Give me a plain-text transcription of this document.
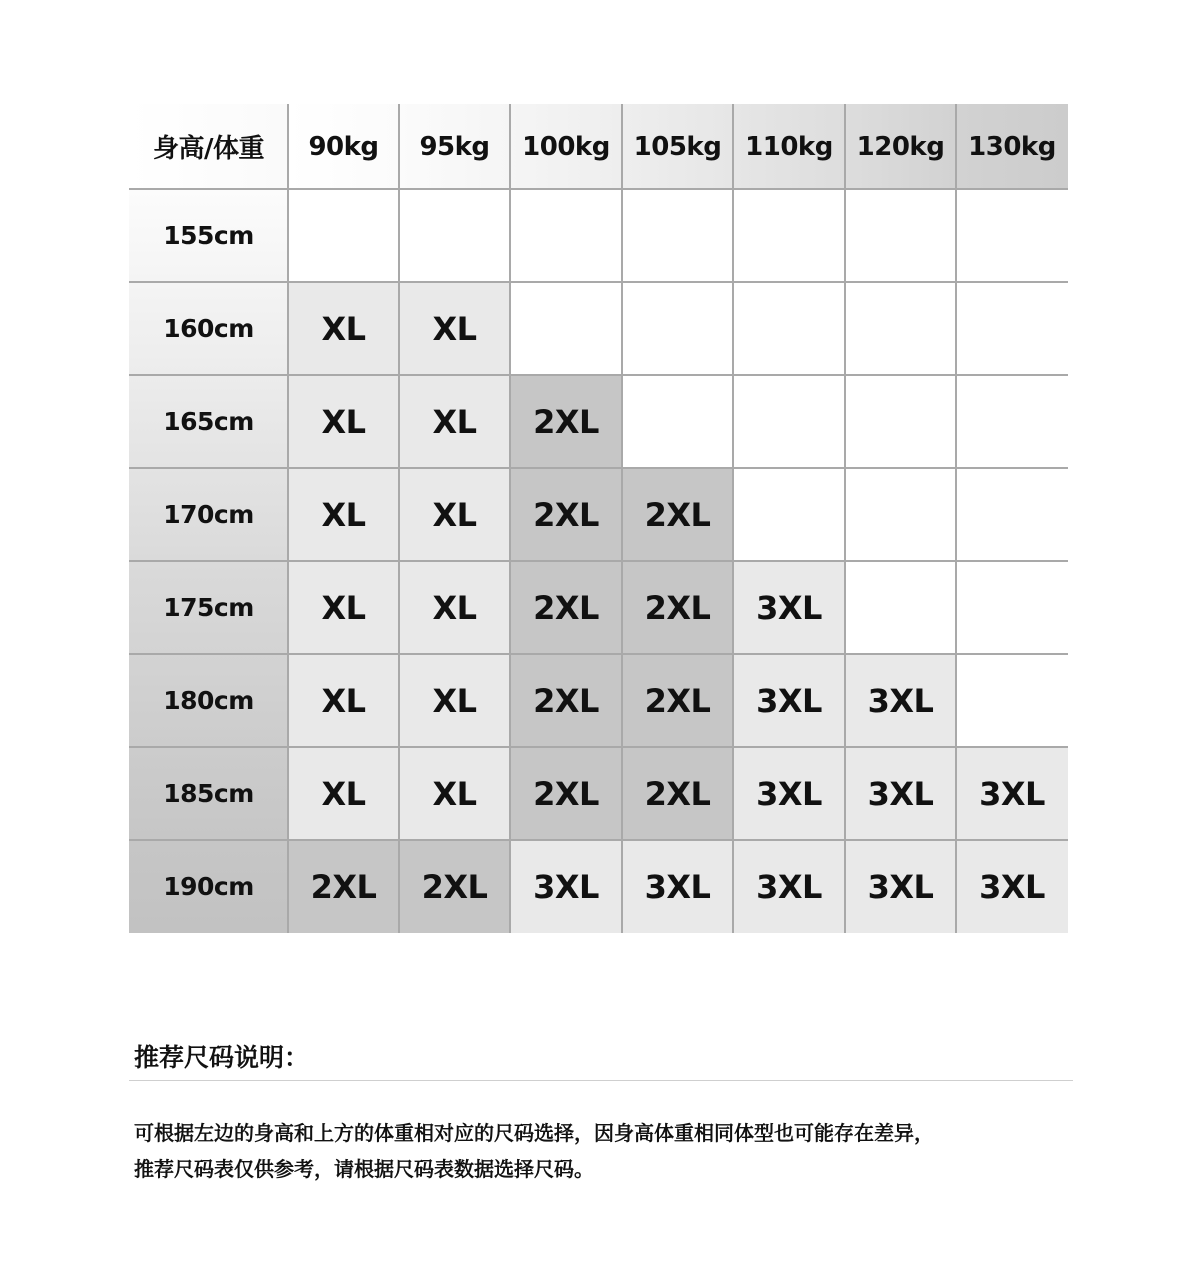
身高/体重	90kg	95kg	100kg 105kg 110kg 120kg 130kg
155cm
160cm	XL	XL
165cm	XL	XL	2XL
170cm	XL	XL	2XL	2XL
175cm	XL	XL	2XL	2XL	3XL
180cm	XL	XL	2XL	2XL	3XL	3XL
185cm	XL	XL	2XL	2XL	3XL	3XL	3XL
190cm	2XL	2XL	3XL	3XL	3XL	3XL	3XL
推荐尺码说明：
可根据左边的身高和上方的体重相对应的尺码选择，因身高体重相同体型也可能存在差异，
推荐尺码表仅供参考，请根据尺码表数据选择尺码。
